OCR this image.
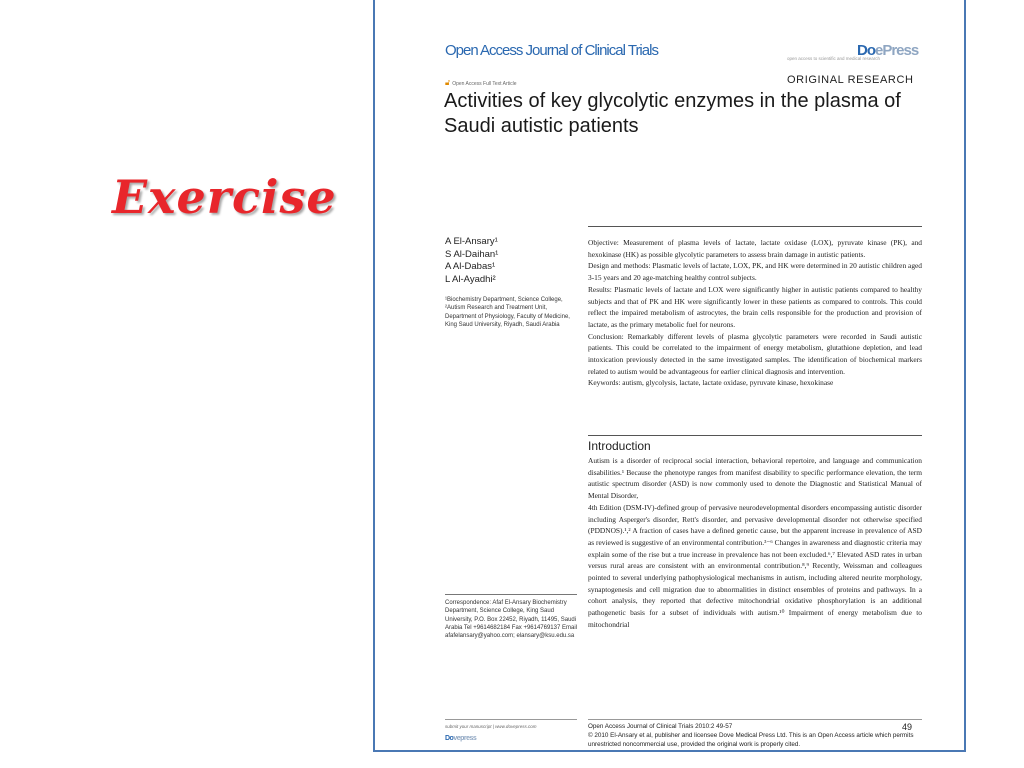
Exercise
Open Access Journal of Clinical Trials	DoePress
open access to scientific and medical research
🔓︎ Open Access Full Text Article	ORIGINAL RESEARCH
Activities of key glycolytic enzymes in the plasma of Saudi autistic patients
A El-Ansary¹
S Al-Daihan¹
A Al-Dabas¹
L Al-Ayadhi²
¹Biochemistry Department, Science College, ²Autism Research and Treatment Unit, Department of Physiology, Faculty of Medicine, King Saud University, Riyadh, Saudi Arabia

Objective: Measurement of plasma levels of lactate, lactate oxidase (LOX), pyruvate kinase (PK), and hexokinase (HK) as possible glycolytic parameters to assess brain damage in autistic patients.

Design and methods: Plasmatic levels of lactate, LOX, PK, and HK were determined in 20 autistic children aged 3-15 years and 20 age-matching healthy control subjects.

Results: Plasmatic levels of lactate and LOX were significantly higher in autistic patients compared to healthy subjects and that of PK and HK were significantly lower in these patients as compared to controls. This could reflect the impaired metabolism of astrocytes, the brain cells responsible for the production and provision of lactate, as the primary metabolic fuel for neurons.

Conclusion: Remarkably different levels of plasma glycolytic parameters were recorded in Saudi autistic patients. This could be correlated to the impairment of energy metabolism, glutathione depletion, and lead intoxication previously detected in the same investigated samples. The identification of biochemical markers related to autism would be advantageous for earlier clinical diagnosis and intervention.

Keywords: autism, glycolysis, lactate, lactate oxidase, pyruvate kinase, hexokinase

Introduction

Autism is a disorder of reciprocal social interaction, behavioral repertoire, and language and communication disabilities.¹ Because the phenotype ranges from manifest disability to specific performance elevation, the term autistic spectrum disorder (ASD) is now commonly used to denote the Diagnostic and Statistical Manual of Mental Disorder,

4th Edition (DSM-IV)-defined group of pervasive neurodevelopmental disorders encompassing autistic disorder including Asperger's disorder, Rett's disorder, and pervasive developmental disorder not otherwise specified (PDDNOS).¹,² A fraction of cases have a defined genetic cause, but the apparent increase in prevalence of ASD as reviewed is suggestive of an environmental contribution.³⁻⁶ Changes in awareness and diagnostic criteria may explain some of the rise but a true increase in prevalence has not been excluded.⁶,⁷ Elevated ASD rates in urban versus rural areas are consistent with an environmental contribution.⁸,⁹ Recently, Weissman and colleagues pointed to several underlying pathophysiological mechanisms in autism, including altered neurite morphology, synaptogenesis and cell migration due to abnormalities in distinct ensembles of proteins and pathways. In a cohort analysis, they reported that defective mitochondrial oxidative phosphorylation is an additional pathogenetic basis for a subset of individuals with autism.¹⁰ Impairment of energy metabolism due to mitochondrial

Correspondence: Afaf El-Ansary Biochemistry Department, Science College, King Saud University, P.O. Box 22452, Riyadh, 11495, Saudi Arabia Tel +9614682184 Fax +9614769137 Email afafelansary@yahoo.com; elansary@ksu.edu.sa
submit your manuscript | www.dovepress.com
Dovepress
Open Access Journal of Clinical Trials 2010:2 49-57
© 2010 El-Ansary et al, publisher and licensee Dove Medical Press Ltd. This is an Open Access article which permits unrestricted noncommercial use, provided the original work is properly cited.
49
